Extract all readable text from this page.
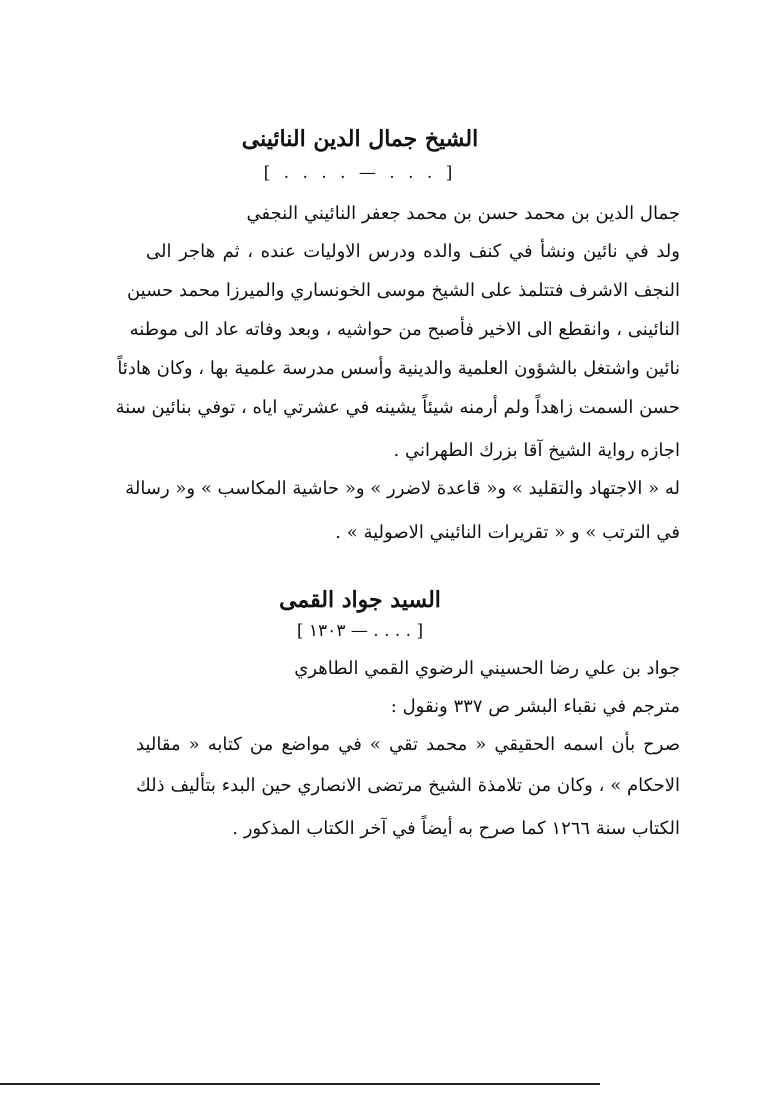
الشيخ جمال الدين النائينى
[ . . . . — . . . ]
جمال الدين بن محمد حسن بن محمد جعفر النائيني النجفي
ولد في نائين ونشأ في كنف والده ودرس الاوليات عنده ، ثم هاجر الى
النجف الاشرف فتتلمذ على الشيخ موسى الخونساري والميرزا محمد حسين
النائينى ، وانقطع الى الاخير فأصبح من حواشيه ، وبعد وفاته عاد الى موطنه
نائين واشتغل بالشؤون العلمية والدينية وأسس مدرسة علمية بها ، وكان هادئاً
حسن السمت زاهداً ولم أرمنه شيئاً يشينه في عشرتي اياه ، توفي بنائين سنة
اجازه رواية الشيخ آقا بزرك الطهراني .
له « الاجتهاد والتقليد » و« قاعدة لاضرر » و« حاشية المكاسب » و« رسالة
في الترتب » و « تقريرات النائيني الاصولية » .
السيد جواد القمى
[ ١٣٠٣ — . . . . ]
جواد بن علي رضا الحسيني الرضوي القمي الطاهري
مترجم في نقباء البشر ص ٣٣٧ ونقول :
صرح بأن اسمه الحقيقي « محمد تقي » في مواضع من كتابه « مقاليد
الاحكام » ، وكان من تلامذة الشيخ مرتضى الانصاري حين البدء بتأليف ذلك
الكتاب سنة ١٢٦٦ كما صرح به أيضاً في آخر الكتاب المذكور .
